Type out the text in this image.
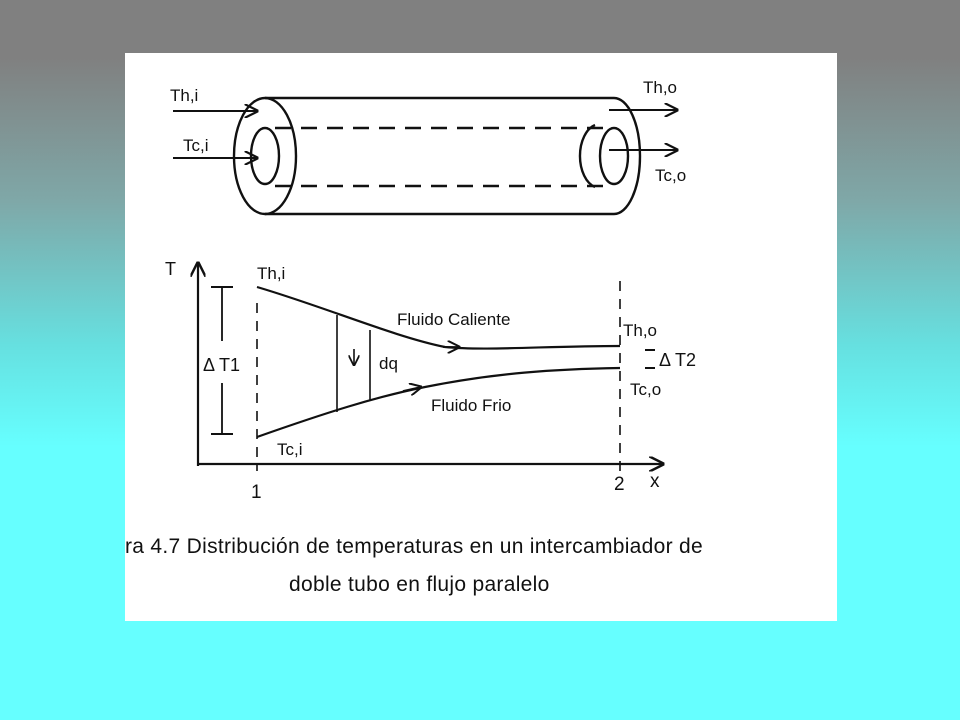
Th,i
Tc,i
Th,o
Tc,o
T	Th,i
Tc,i
Fluido Caliente
Fluido Frio
dq
Δ T1
Th,o
Tc,o
Δ T2
1	2 x
ra 4.7 Distribución de temperaturas en un intercambiador de
doble tubo en flujo paralelo
